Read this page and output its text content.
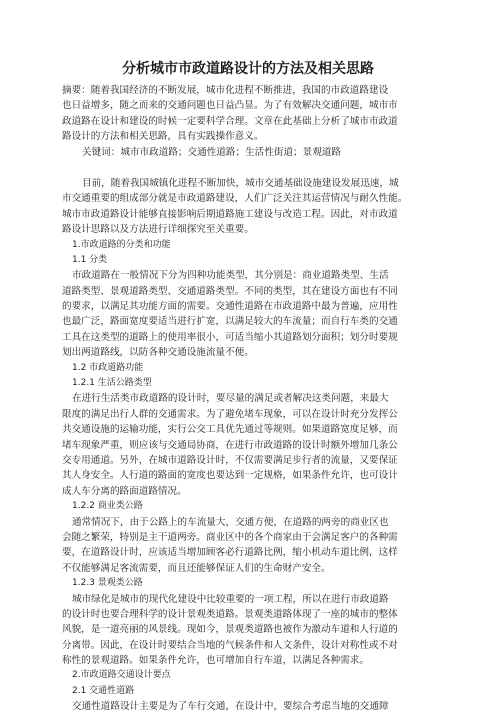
分析城市市政道路设计的方法及相关思路
摘要：随着我国经济的不断发展，城市化进程不断推进，我国的市政道路建设
也日益增多，随之而来的交通问题也日益凸显。为了有效解决交通问题，城市市
政道路在设计和建设的时候一定要科学合理。文章在此基础上分析了城市市政道
路设计的方法和相关思路，具有实践操作意义。
关键词：城市市政道路；交通性道路；生活性街道；景观道路
目前，随着我国城镇化进程不断加快，城市交通基础设施建设发展迅速，城
市交通重要的组成部分就是市政道路建设，人们广泛关注其运营情况与耐久性能。
城市市政道路设计能够直接影响后期道路施工建设与改造工程。因此，对市政道
路设计思路以及方法进行详细探究至关重要。
1.市政道路的分类和功能
1.1 分类
市政道路在一般情况下分为四种功能类型，其分别是：商业道路类型、生活
道路类型、景观道路类型、交通道路类型。不同的类型，其在建设方面也有不同
的要求，以满足其功能方面的需要。交通性道路在市政道路中最为普遍，应用性
也最广泛，路面宽度要适当进行扩宽，以满足较大的车流量；而自行车类的交通
工具在这类型的道路上的使用率很小，可适当缩小其道路划分面积；划分时要规
划出两道路线，以防各种交通设施流量不便。
1.2 市政道路功能
1.2.1 生活公路类型
在进行生活类市政道路的设计时，要尽量的满足或者解决这类问题，来最大
限度的满足出行人群的交通需求。为了避免堵车现象，可以在设计时充分发挥公
共交通设施的运输功能，实行公交工具优先通过等规则。如果道路宽度足够，而
堵车现象严重，则应该与交通局协商，在进行市政道路的设计时额外增加几条公
交专用通道。另外，在城市道路设计时，不仅需要满足步行者的流量，又要保证
其人身安全。人行道的路面的宽度也要达到一定规格，如果条件允许，也可设计
成人车分离的路面道路情况。
1.2.2 商业类公路
通常情况下，由于公路上的车流量大，交通方便，在道路的两旁的商业区也
会随之繁荣，特别是主干道两旁。商业区中的各个商家由于会满足客户的各种需
要，在道路设计时，应该适当增加顾客必行道路比例，缩小机动车道比例，这样
不仅能够满足客流需要，而且还能够保证人们的生命财产安全。
1.2.3 景观类公路
城市绿化是城市的现代化建设中比较重要的一项工程，所以在进行市政道路
的设计时也要合理科学的设计景观类道路。景观类道路体现了一座的城市的整体
风貌，是一道亮丽的风景线。现如今，景观类道路也被作为激动车道和人行道的
分离带。因此，在设计时要结合当地的气候条件和人文条件，设计对称性或不对
称性的景观道路。如果条件允许，也可增加自行车道，以满足各种需求。
2.市政道路交通设计要点
2.1 交通性道路
交通性道路设计主要是为了车行交通，在设计中，要综合考虑当地的交通障
